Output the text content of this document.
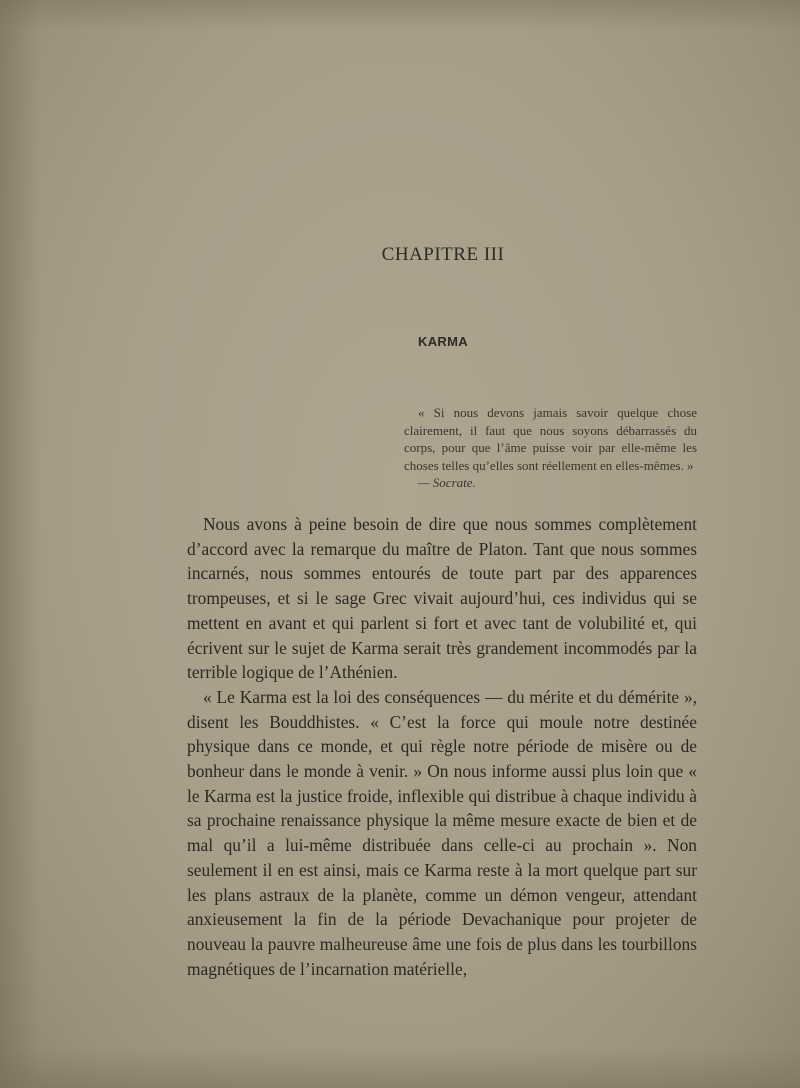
CHAPITRE III
KARMA

« Si nous devons jamais savoir quelque chose clairement, il faut que nous soyons débarrassés du corps, pour que l’âme puisse voir par elle-même les choses telles qu’elles sont réellement en elles-mêmes. »

— Socrate.

Nous avons à peine besoin de dire que nous sommes complètement d’accord avec la remarque du maître de Platon. Tant que nous sommes incarnés, nous sommes entourés de toute part par des apparences trompeuses, et si le sage Grec vivait aujourd’hui, ces individus qui se mettent en avant et qui parlent si fort et avec tant de volubilité et, qui écrivent sur le sujet de Karma serait très grandement incommodés par la terrible logique de l’Athénien.

« Le Karma est la loi des conséquences — du mérite et du démérite », disent les Bouddhistes. « C’est la force qui moule notre destinée physique dans ce monde, et qui règle notre période de misère ou de bonheur dans le monde à venir. » On nous informe aussi plus loin que « le Karma est la justice froide, inflexible qui distribue à chaque individu à sa prochaine renaissance physique la même mesure exacte de bien et de mal qu’il a lui-même distribuée dans celle-ci au prochain ». Non seulement il en est ainsi, mais ce Karma reste à la mort quelque part sur les plans astraux de la planète, comme un démon vengeur, attendant anxieusement la fin de la période Devachanique pour projeter de nouveau la pauvre malheureuse âme une fois de plus dans les tourbillons magnétiques de l’incarnation matérielle,
